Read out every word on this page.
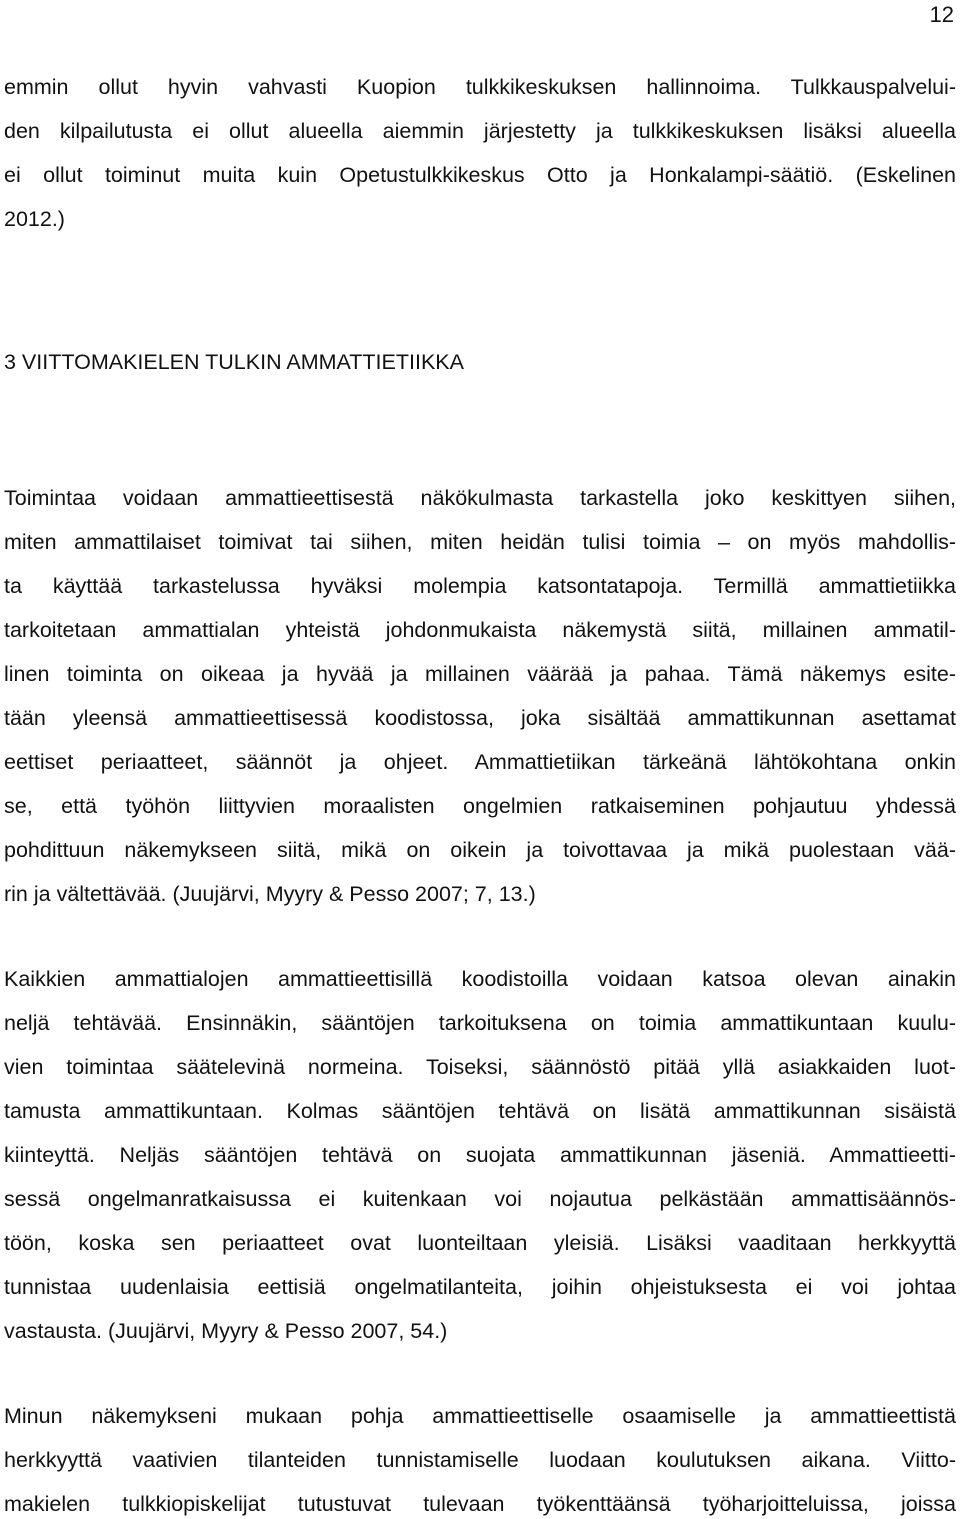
12
emmin ollut hyvin vahvasti Kuopion tulkkikeskuksen hallinnoima. Tulkkauspalvelui-
den kilpailutusta ei ollut alueella aiemmin järjestetty ja tulkkikeskuksen lisäksi alueella
ei ollut toiminut muita kuin Opetustulkkikeskus Otto ja Honkalampi-säätiö. (Eskelinen
2012.)
3 VIITTOMAKIELEN TULKIN AMMATTIETIIKKA
Toimintaa voidaan ammattieettisestä näkökulmasta tarkastella joko keskittyen siihen,
miten ammattilaiset toimivat tai siihen, miten heidän tulisi toimia – on myös mahdollis-
ta käyttää tarkastelussa hyväksi molempia katsontatapoja. Termillä ammattietiikka
tarkoitetaan ammattialan yhteistä johdonmukaista näkemystä siitä, millainen ammatil-
linen toiminta on oikeaa ja hyvää ja millainen väärää ja pahaa. Tämä näkemys esite-
tään yleensä ammattieettisessä koodistossa, joka sisältää ammattikunnan asettamat
eettiset periaatteet, säännöt ja ohjeet. Ammattietiikan tärkeänä lähtökohtana onkin
se, että työhön liittyvien moraalisten ongelmien ratkaiseminen pohjautuu yhdessä
pohdittuun näkemykseen siitä, mikä on oikein ja toivottavaa ja mikä puolestaan vää-
rin ja vältettävää. (Juujärvi, Myyry & Pesso 2007; 7, 13.)
Kaikkien ammattialojen ammattieettisillä koodistoilla voidaan katsoa olevan ainakin
neljä tehtävää. Ensinnäkin, sääntöjen tarkoituksena on toimia ammattikuntaan kuulu-
vien toimintaa säätelevinä normeina. Toiseksi, säännöstö pitää yllä asiakkaiden luot-
tamusta ammattikuntaan. Kolmas sääntöjen tehtävä on lisätä ammattikunnan sisäistä
kiinteyttä. Neljäs sääntöjen tehtävä on suojata ammattikunnan jäseniä. Ammattieetti-
sessä ongelmanratkaisussa ei kuitenkaan voi nojautua pelkästään ammattisäännös-
töön, koska sen periaatteet ovat luonteiltaan yleisiä. Lisäksi vaaditaan herkkyyttä
tunnistaa uudenlaisia eettisiä ongelmatilanteita, joihin ohjeistuksesta ei voi johtaa
vastausta. (Juujärvi, Myyry & Pesso 2007, 54.)
Minun näkemykseni mukaan pohja ammattieettiselle osaamiselle ja ammattieettistä
herkkyyttä vaativien tilanteiden tunnistamiselle luodaan koulutuksen aikana. Viitto-
makielen tulkkiopiskelijat tutustuvat tulevaan työkenttäänsä työharjoitteluissa, joissa
